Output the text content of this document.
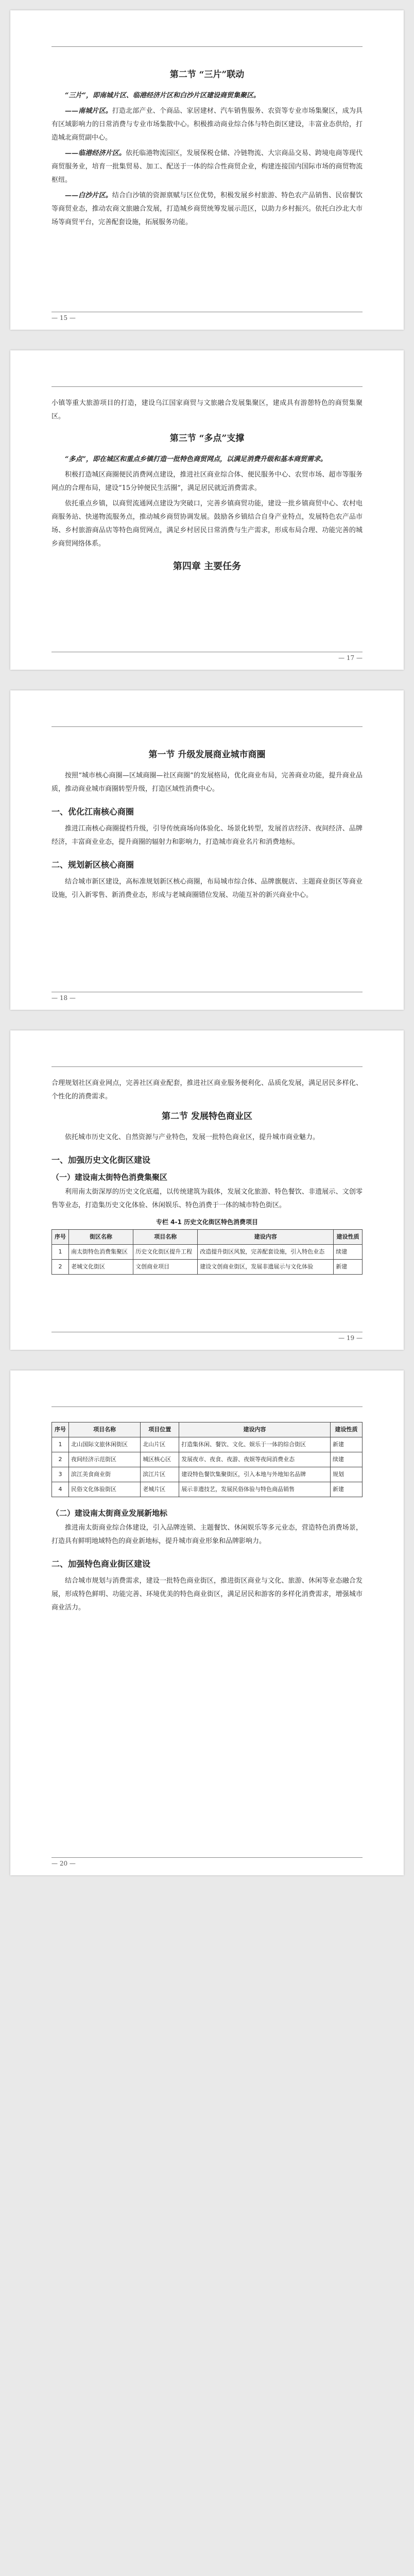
第二节 “三片”联动

“三片”，即南城片区、临港经济片区和白沙片区建设商贸集聚区。

——南城片区。打造北部产业、个商品、家居建材、汽车销售服务、农资等专业市场集聚区，成为具有区域影响力的日常消费与专业市场集散中心。积极推动商业综合体与特色街区建设，丰富业态供给，打造城北商贸副中心。

——临港经济片区。依托临港物流园区，发展保税仓储、冷链物流、大宗商品交易、跨境电商等现代商贸服务业，培育一批集贸易、加工、配送于一体的综合性商贸企业，构建连接国内国际市场的商贸物流枢纽。

——白沙片区。结合白沙镇的资源禀赋与区位优势，积极发展乡村旅游、特色农产品销售、民宿餐饮等商贸业态，推动农商文旅融合发展，打造城乡商贸统筹发展示范区，以助力乡村振兴。依托白沙北大市场等商贸平台，完善配套设施，拓展服务功能。

— 15 —

小镇等重大旅游项目的打造，建设乌江国家商贸与文旅融合发展集聚区，建成具有游憩特色的商贸集聚区。

第三节 “多点”支撑

“多点”，即在城区和重点乡镇打造一批特色商贸网点，以满足消费升级和基本商贸需求。

积极打造城区商圈便民消费网点建设，推进社区商业综合体、便民服务中心、农贸市场、超市等服务网点的合理布局，建设“15分钟便民生活圈”，满足居民就近消费需求。

依托重点乡镇，以商贸流通网点建设为突破口，完善乡镇商贸功能，建设一批乡镇商贸中心、农村电商服务站、快递物流服务点，推动城乡商贸协调发展。鼓励各乡镇结合自身产业特点，发展特色农产品市场、乡村旅游商品店等特色商贸网点，满足乡村居民日常消费与生产需求，形成布局合理、功能完善的城乡商贸网络体系。

第四章 主要任务
— 17 —
第一节 升级发展商业城市商圈

按照“城市核心商圈—区域商圈—社区商圈”的发展格局，优化商业布局，完善商业功能，提升商业品质，推动商业城市商圈转型升级，打造区域性消费中心。

一、优化江南核心商圈

推进江南核心商圈提档升级，引导传统商场向体验化、场景化转型，发展首店经济、夜间经济、品牌经济，丰富商业业态，提升商圈的辐射力和影响力，打造城市商业名片和消费地标。

二、规划新区核心商圈

结合城市新区建设，高标准规划新区核心商圈，布局城市综合体、品牌旗舰店、主题商业街区等商业设施，引入新零售、新消费业态，形成与老城商圈错位发展、功能互补的新兴商业中心。

— 18 —

合理规划社区商业网点，完善社区商业配套，推进社区商业服务便利化、品质化发展，满足居民多样化、个性化的消费需求。

第二节 发展特色商业区

依托城市历史文化、自然资源与产业特色，发展一批特色商业区，提升城市商业魅力。

一、加强历史文化街区建设
（一）建设南太街特色消费集聚区

利用南太街深厚的历史文化底蕴，以传统建筑为载体，发展文化旅游、特色餐饮、非遗展示、文创零售等业态，打造集历史文化体验、休闲娱乐、特色消费于一体的城市特色街区。

专栏 4-1 历史文化街区特色消费项目
序号	街区名称	项目名称	建设内容	建设性质
1	南太街特色消费集聚区	历史文化街区提升工程	改造提升街区风貌，完善配套设施，引入特色业态	续建
2	老城文化街区	文创商业项目	建设文创商业街区，发展非遗展示与文化体验	新建
— 19 —
序号	项目名称	项目位置	建设内容	建设性质
1	北山国际文旅休闲街区	北山片区	打造集休闲、餐饮、文化、娱乐于一体的综合街区	新建
2	夜间经济示范街区	城区核心区	发展夜市、夜食、夜游、夜娱等夜间消费业态	续建
3	滨江美食商业街	滨江片区	建设特色餐饮集聚街区，引入本地与外地知名品牌	规划
4	民俗文化体验街区	老城片区	展示非遗技艺，发展民俗体验与特色商品销售	新建
（二）建设南太街商业发展新地标

推进南太街商业综合体建设，引入品牌连锁、主题餐饮、休闲娱乐等多元业态，营造特色消费场景，打造具有鲜明地域特色的商业新地标，提升城市商业形象和品牌影响力。

二、加强特色商业街区建设

结合城市规划与消费需求，建设一批特色商业街区，推进街区商业与文化、旅游、休闲等业态融合发展，形成特色鲜明、功能完善、环境优美的特色商业街区，满足居民和游客的多样化消费需求，增强城市商业活力。

— 20 —
